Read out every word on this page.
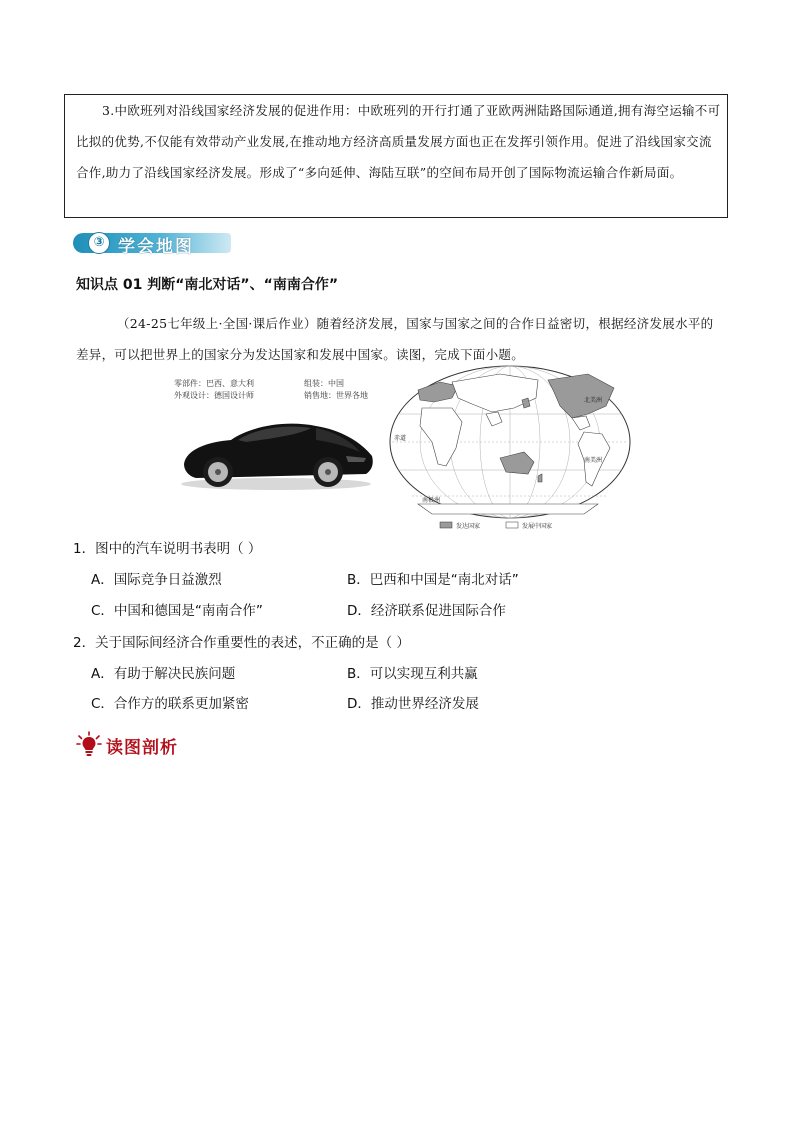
3.中欧班列对沿线国家经济发展的促进作用：中欧班列的开行打通了亚欧两洲陆路国际通道,拥有海空运输不可比拟的优势,不仅能有效带动产业发展,在推动地方经济高质量发展方面也正在发挥引领作用。促进了沿线国家交流合作,助力了沿线国家经济发展。形成了“多向延伸、海陆互联”的空间布局开创了国际物流运输合作新局面。

③ 学会地图
知识点 01 判断“南北对话”、“南南合作”

（24-25七年级上·全国·课后作业）随着经济发展，国家与国家之间的合作日益密切，根据经济发展水平的差异，可以把世界上的国家分为发达国家和发展中国家。读图，完成下面小题。

零部件：巴西、意大利
外观设计：德国设计师
组装：中国
销售地：世界各地
北美洲
赤道
南美洲
南极洲
发达国家	发展中国家
1．图中的汽车说明书表明（ ）
A．国际竞争日益激烈	B．巴西和中国是“南北对话”
C．中国和德国是“南南合作”	D．经济联系促进国际合作
2．关于国际间经济合作重要性的表述，不正确的是（ ）
A．有助于解决民族问题	B．可以实现互利共赢
C．合作方的联系更加紧密	D．推动世界经济发展
读图剖析
